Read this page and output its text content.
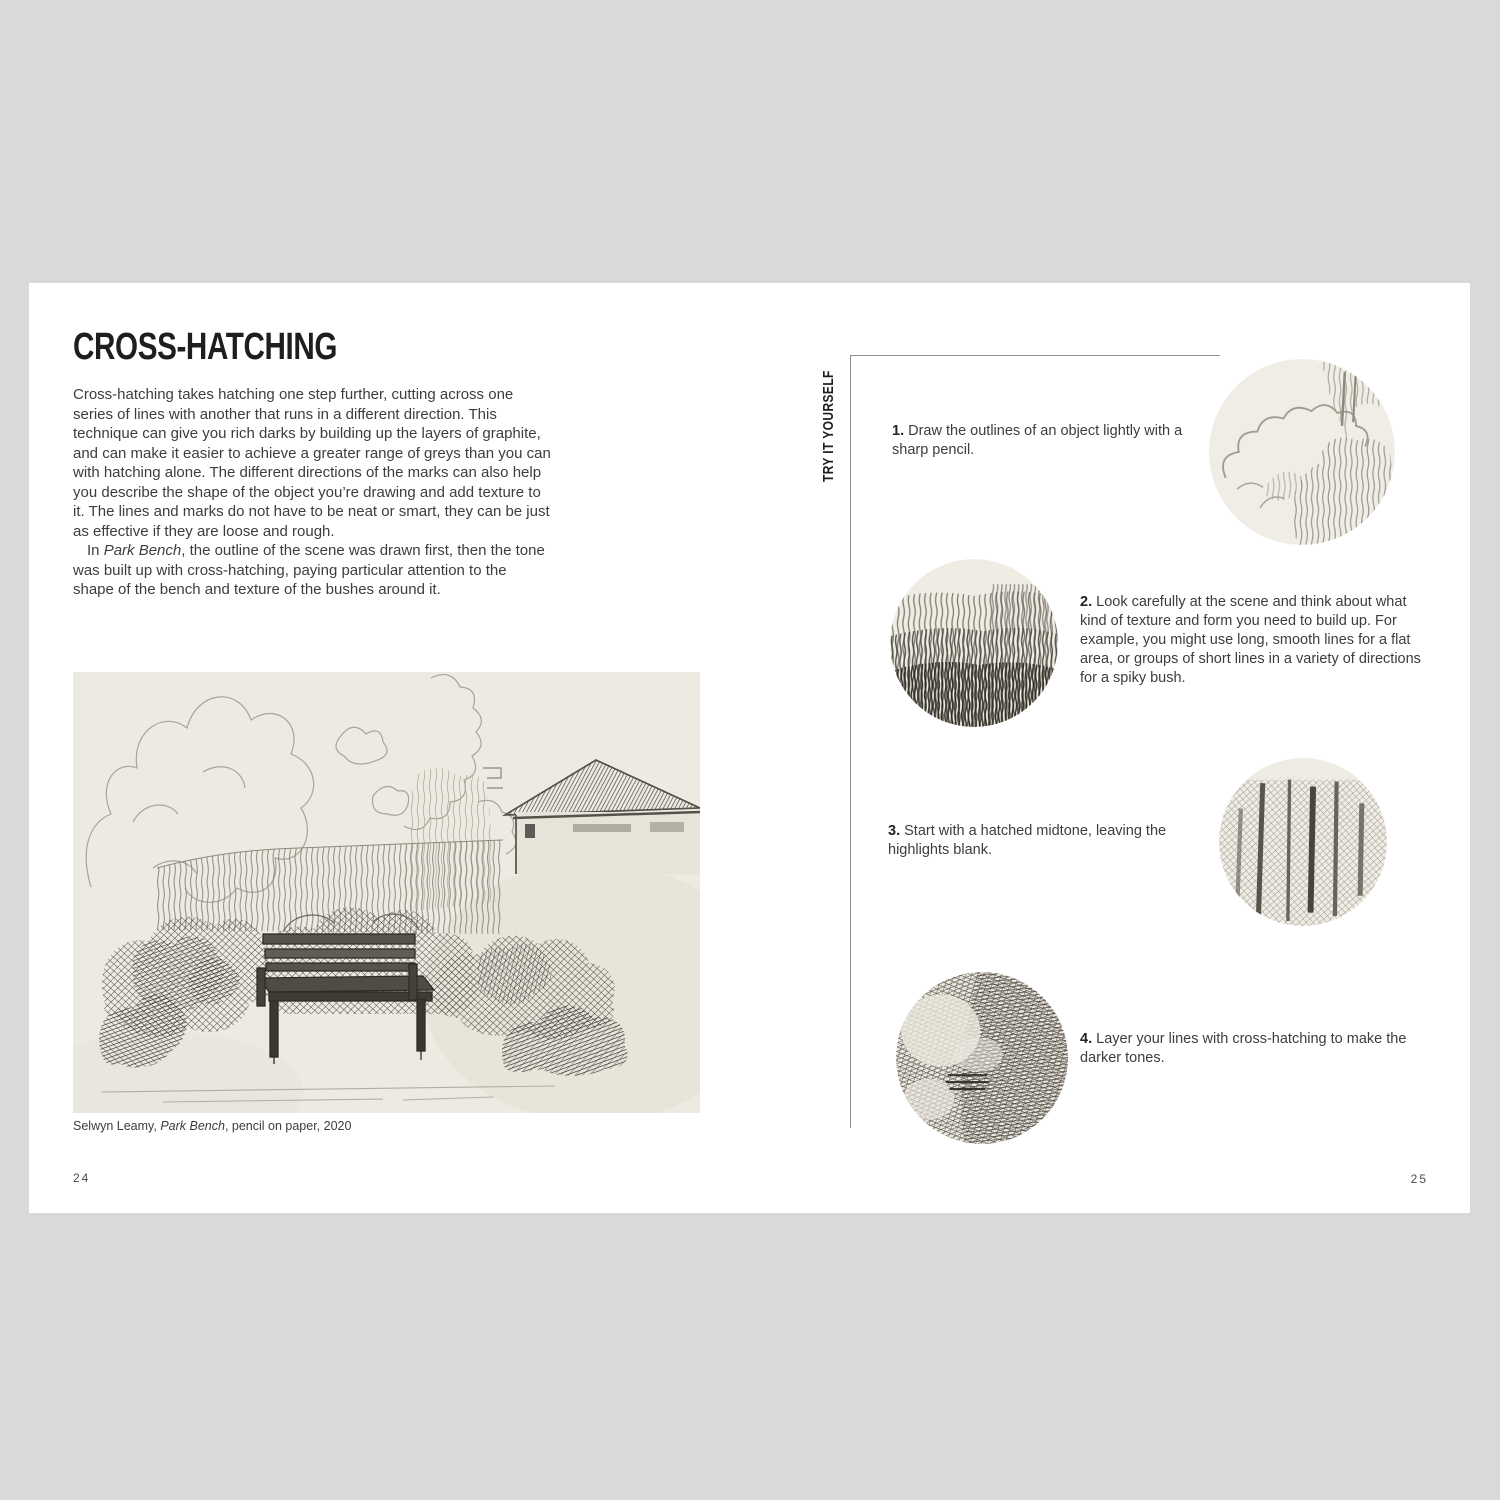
CROSS-HATCHING

Cross-hatching takes hatching one step further, cutting across one series of lines with another that runs in a different direction. This technique can give you rich darks by building up the layers of graphite, and can make it easier to achieve a greater range of greys than you can with hatching alone. The different directions of the marks can also help you describe the shape of the object you’re drawing and add texture to it. The lines and marks do not have to be neat or smart, they can be just as effective if they are loose and rough.

In Park Bench, the outline of the scene was drawn first, then the tone was built up with cross-hatching, paying particular attention to the shape of the bench and texture of the bushes around it.

Selwyn Leamy, Park Bench, pencil on paper, 2020

24
TRY IT YOURSELF	1. Draw the outlines of an object lightly with a sharp pencil.
2. Look carefully at the scene and think about what kind of texture and form you need to build up. For example, you might use long, smooth lines for a flat area, or groups of short lines in a variety of directions for a spiky bush.
3. Start with a hatched midtone, leaving the highlights blank.
4. Layer your lines with cross-hatching to make the darker tones.
25
